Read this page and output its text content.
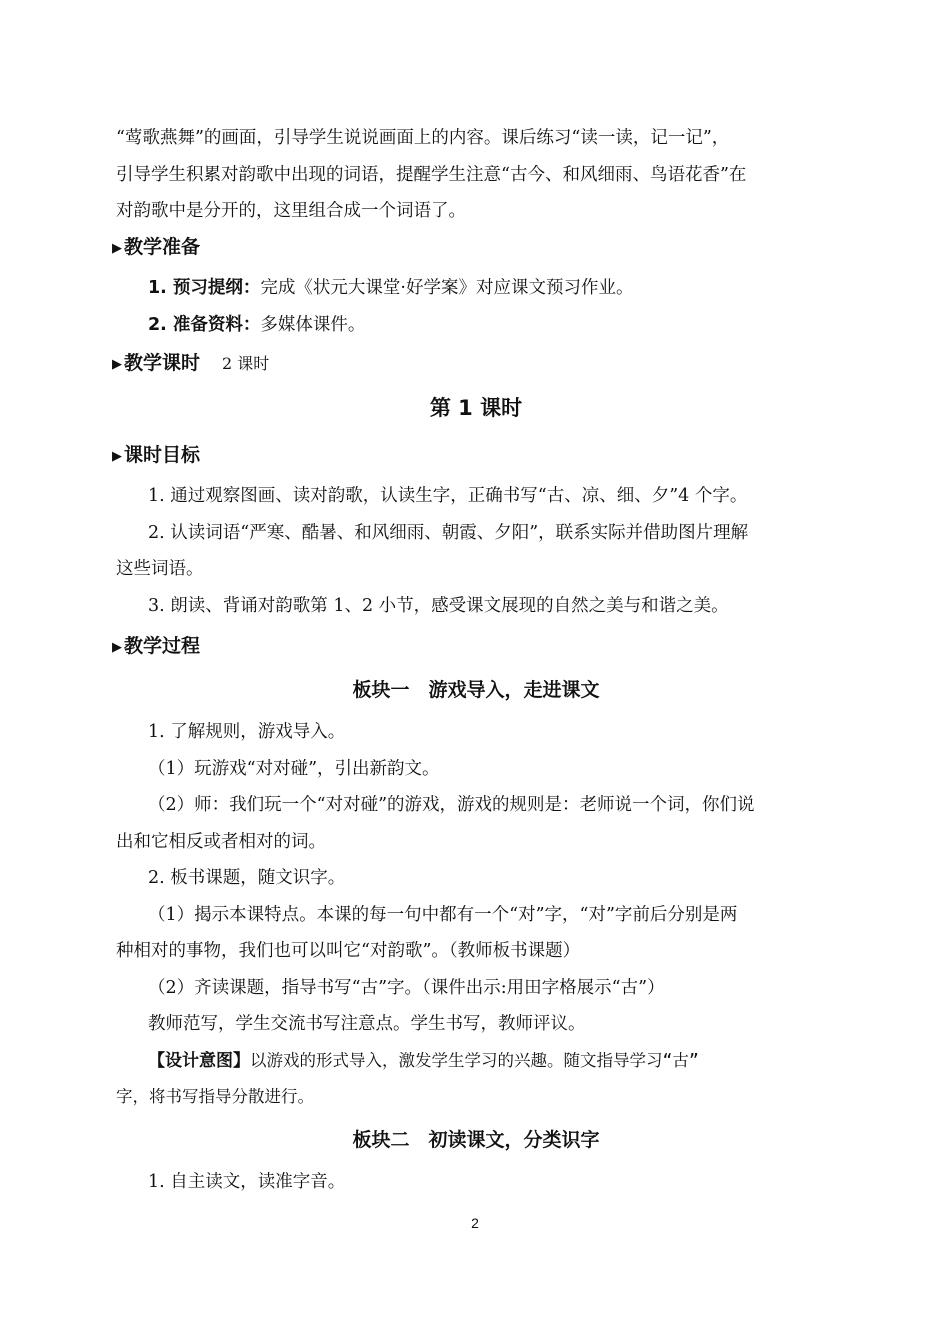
“莺歌燕舞”的画面，引导学生说说画面上的内容。课后练习“读一读，记一记”，
引导学生积累对韵歌中出现的词语，提醒学生注意“古今、和风细雨、鸟语花香”在
对韵歌中是分开的，这里组合成一个词语了。
▶ 教学准备
1. 预习提纲：完成《状元大课堂·好学案》对应课文预习作业。
2. 准备资料：多媒体课件。
▶ 教学课时 2 课时
第 1 课时
▶ 课时目标
1. 通过观察图画、读对韵歌，认读生字，正确书写“古、凉、细、夕”4 个字。
2. 认读词语“严寒、酷暑、和风细雨、朝霞、夕阳”，联系实际并借助图片理解
这些词语。
3. 朗读、背诵对韵歌第 1、2 小节，感受课文展现的自然之美与和谐之美。
▶ 教学过程
板块一　游戏导入，走进课文
1. 了解规则，游戏导入。
（1）玩游戏“对对碰”，引出新韵文。
（2）师：我们玩一个“对对碰”的游戏，游戏的规则是：老师说一个词，你们说
出和它相反或者相对的词。
2. 板书课题，随文识字。
（1）揭示本课特点。本课的每一句中都有一个“对”字，“对”字前后分别是两
种相对的事物，我们也可以叫它“对韵歌”。（教师板书课题）
（2）齐读课题，指导书写“古”字。（课件出示:用田字格展示“古”）
教师范写，学生交流书写注意点。学生书写，教师评议。
【设计意图】以游戏的形式导入，激发学生学习的兴趣。随文指导学习“古”
字，将书写指导分散进行。
板块二　初读课文，分类识字
1. 自主读文，读准字音。
2
